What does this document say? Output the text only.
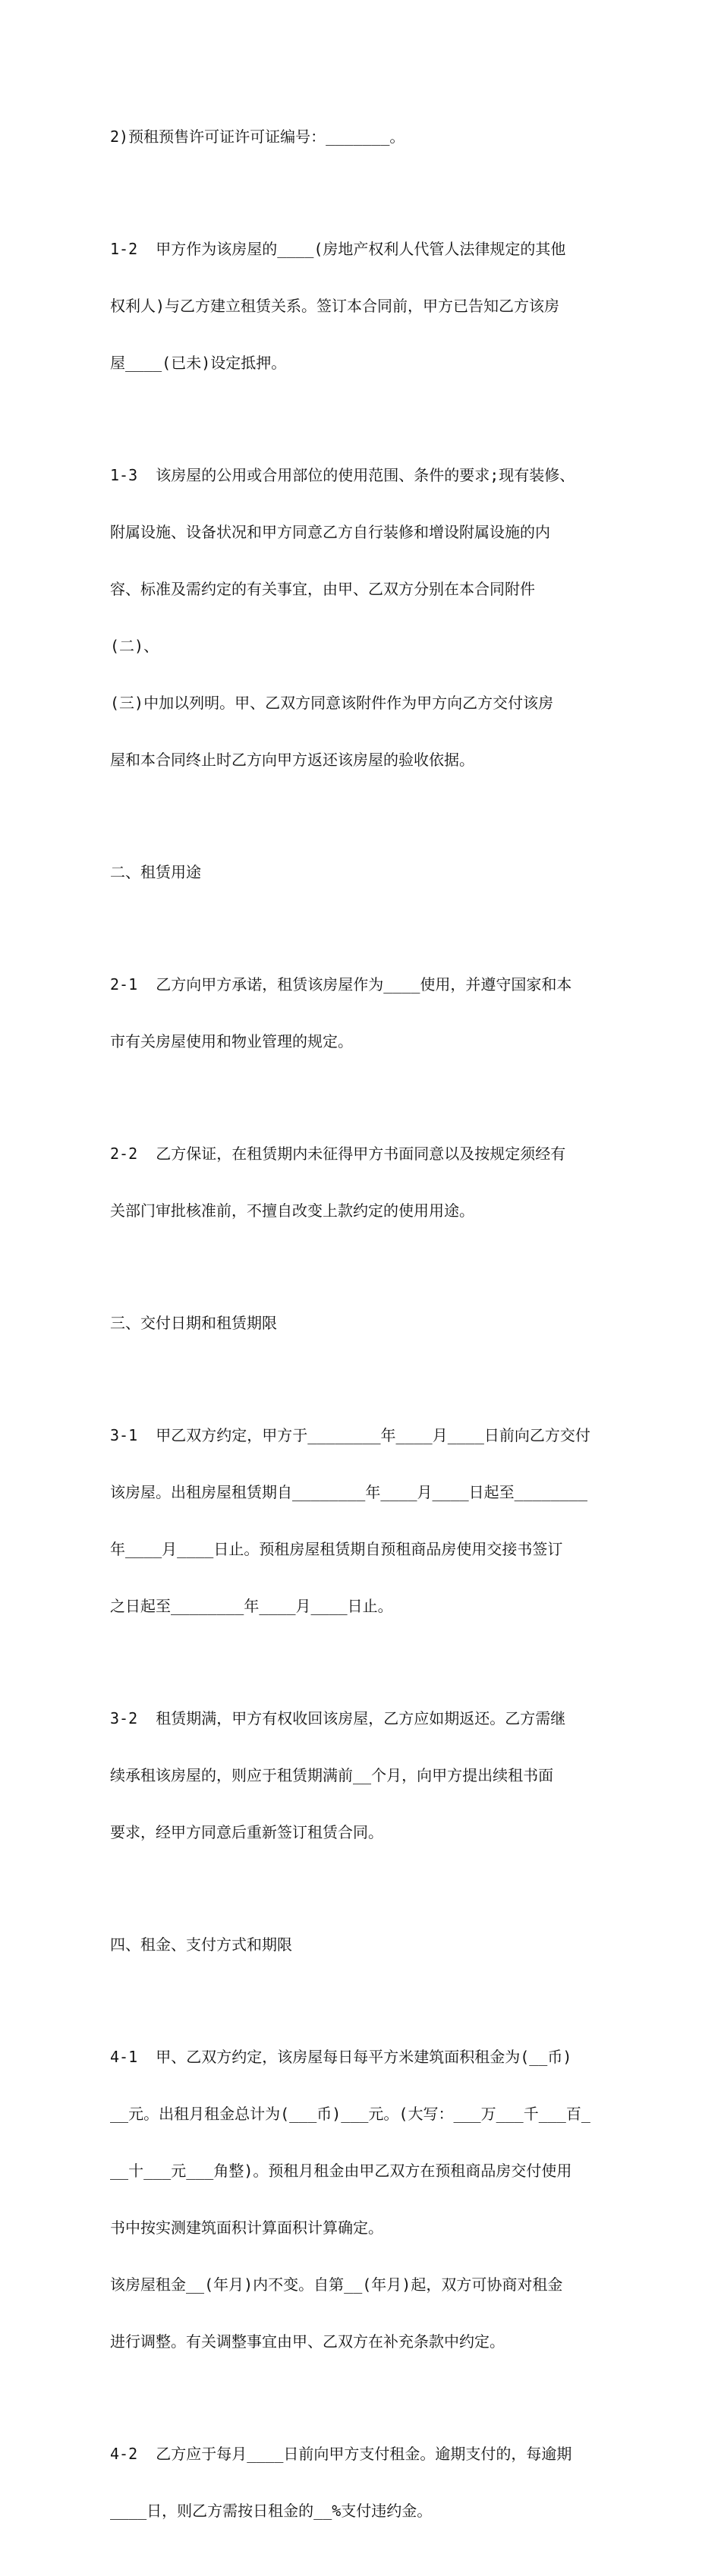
2)预租预售许可证许可证编号：_______。

1-2  甲方作为该房屋的____(房地产权利人代管人法律规定的其他

权利人)与乙方建立租赁关系。签订本合同前，甲方已告知乙方该房

屋____(已未)设定抵押。

1-3  该房屋的公用或合用部位的使用范围、条件的要求;现有装修、

附属设施、设备状况和甲方同意乙方自行装修和增设附属设施的内

容、标准及需约定的有关事宜，由甲、乙双方分别在本合同附件

(二)、

(三)中加以列明。甲、乙双方同意该附件作为甲方向乙方交付该房

屋和本合同终止时乙方向甲方返还该房屋的验收依据。

二、租赁用途

2-1  乙方向甲方承诺，租赁该房屋作为____使用，并遵守国家和本

市有关房屋使用和物业管理的规定。

2-2  乙方保证，在租赁期内未征得甲方书面同意以及按规定须经有

关部门审批核准前，不擅自改变上款约定的使用用途。

三、交付日期和租赁期限

3-1  甲乙双方约定，甲方于________年____月____日前向乙方交付

该房屋。出租房屋租赁期自________年____月____日起至________

年____月____日止。预租房屋租赁期自预租商品房使用交接书签订

之日起至________年____月____日止。

3-2  租赁期满，甲方有权收回该房屋，乙方应如期返还。乙方需继

续承租该房屋的，则应于租赁期满前__个月，向甲方提出续租书面

要求，经甲方同意后重新签订租赁合同。

四、租金、支付方式和期限

4-1  甲、乙双方约定，该房屋每日每平方米建筑面积租金为(__币)

__元。出租月租金总计为(___币)___元。(大写：___万___千___百_

__十___元___角整)。预租月租金由甲乙双方在预租商品房交付使用

书中按实测建筑面积计算面积计算确定。

该房屋租金__(年月)内不变。自第__(年月)起，双方可协商对租金

进行调整。有关调整事宜由甲、乙双方在补充条款中约定。

4-2  乙方应于每月____日前向甲方支付租金。逾期支付的，每逾期

____日，则乙方需按日租金的__%支付违约金。
